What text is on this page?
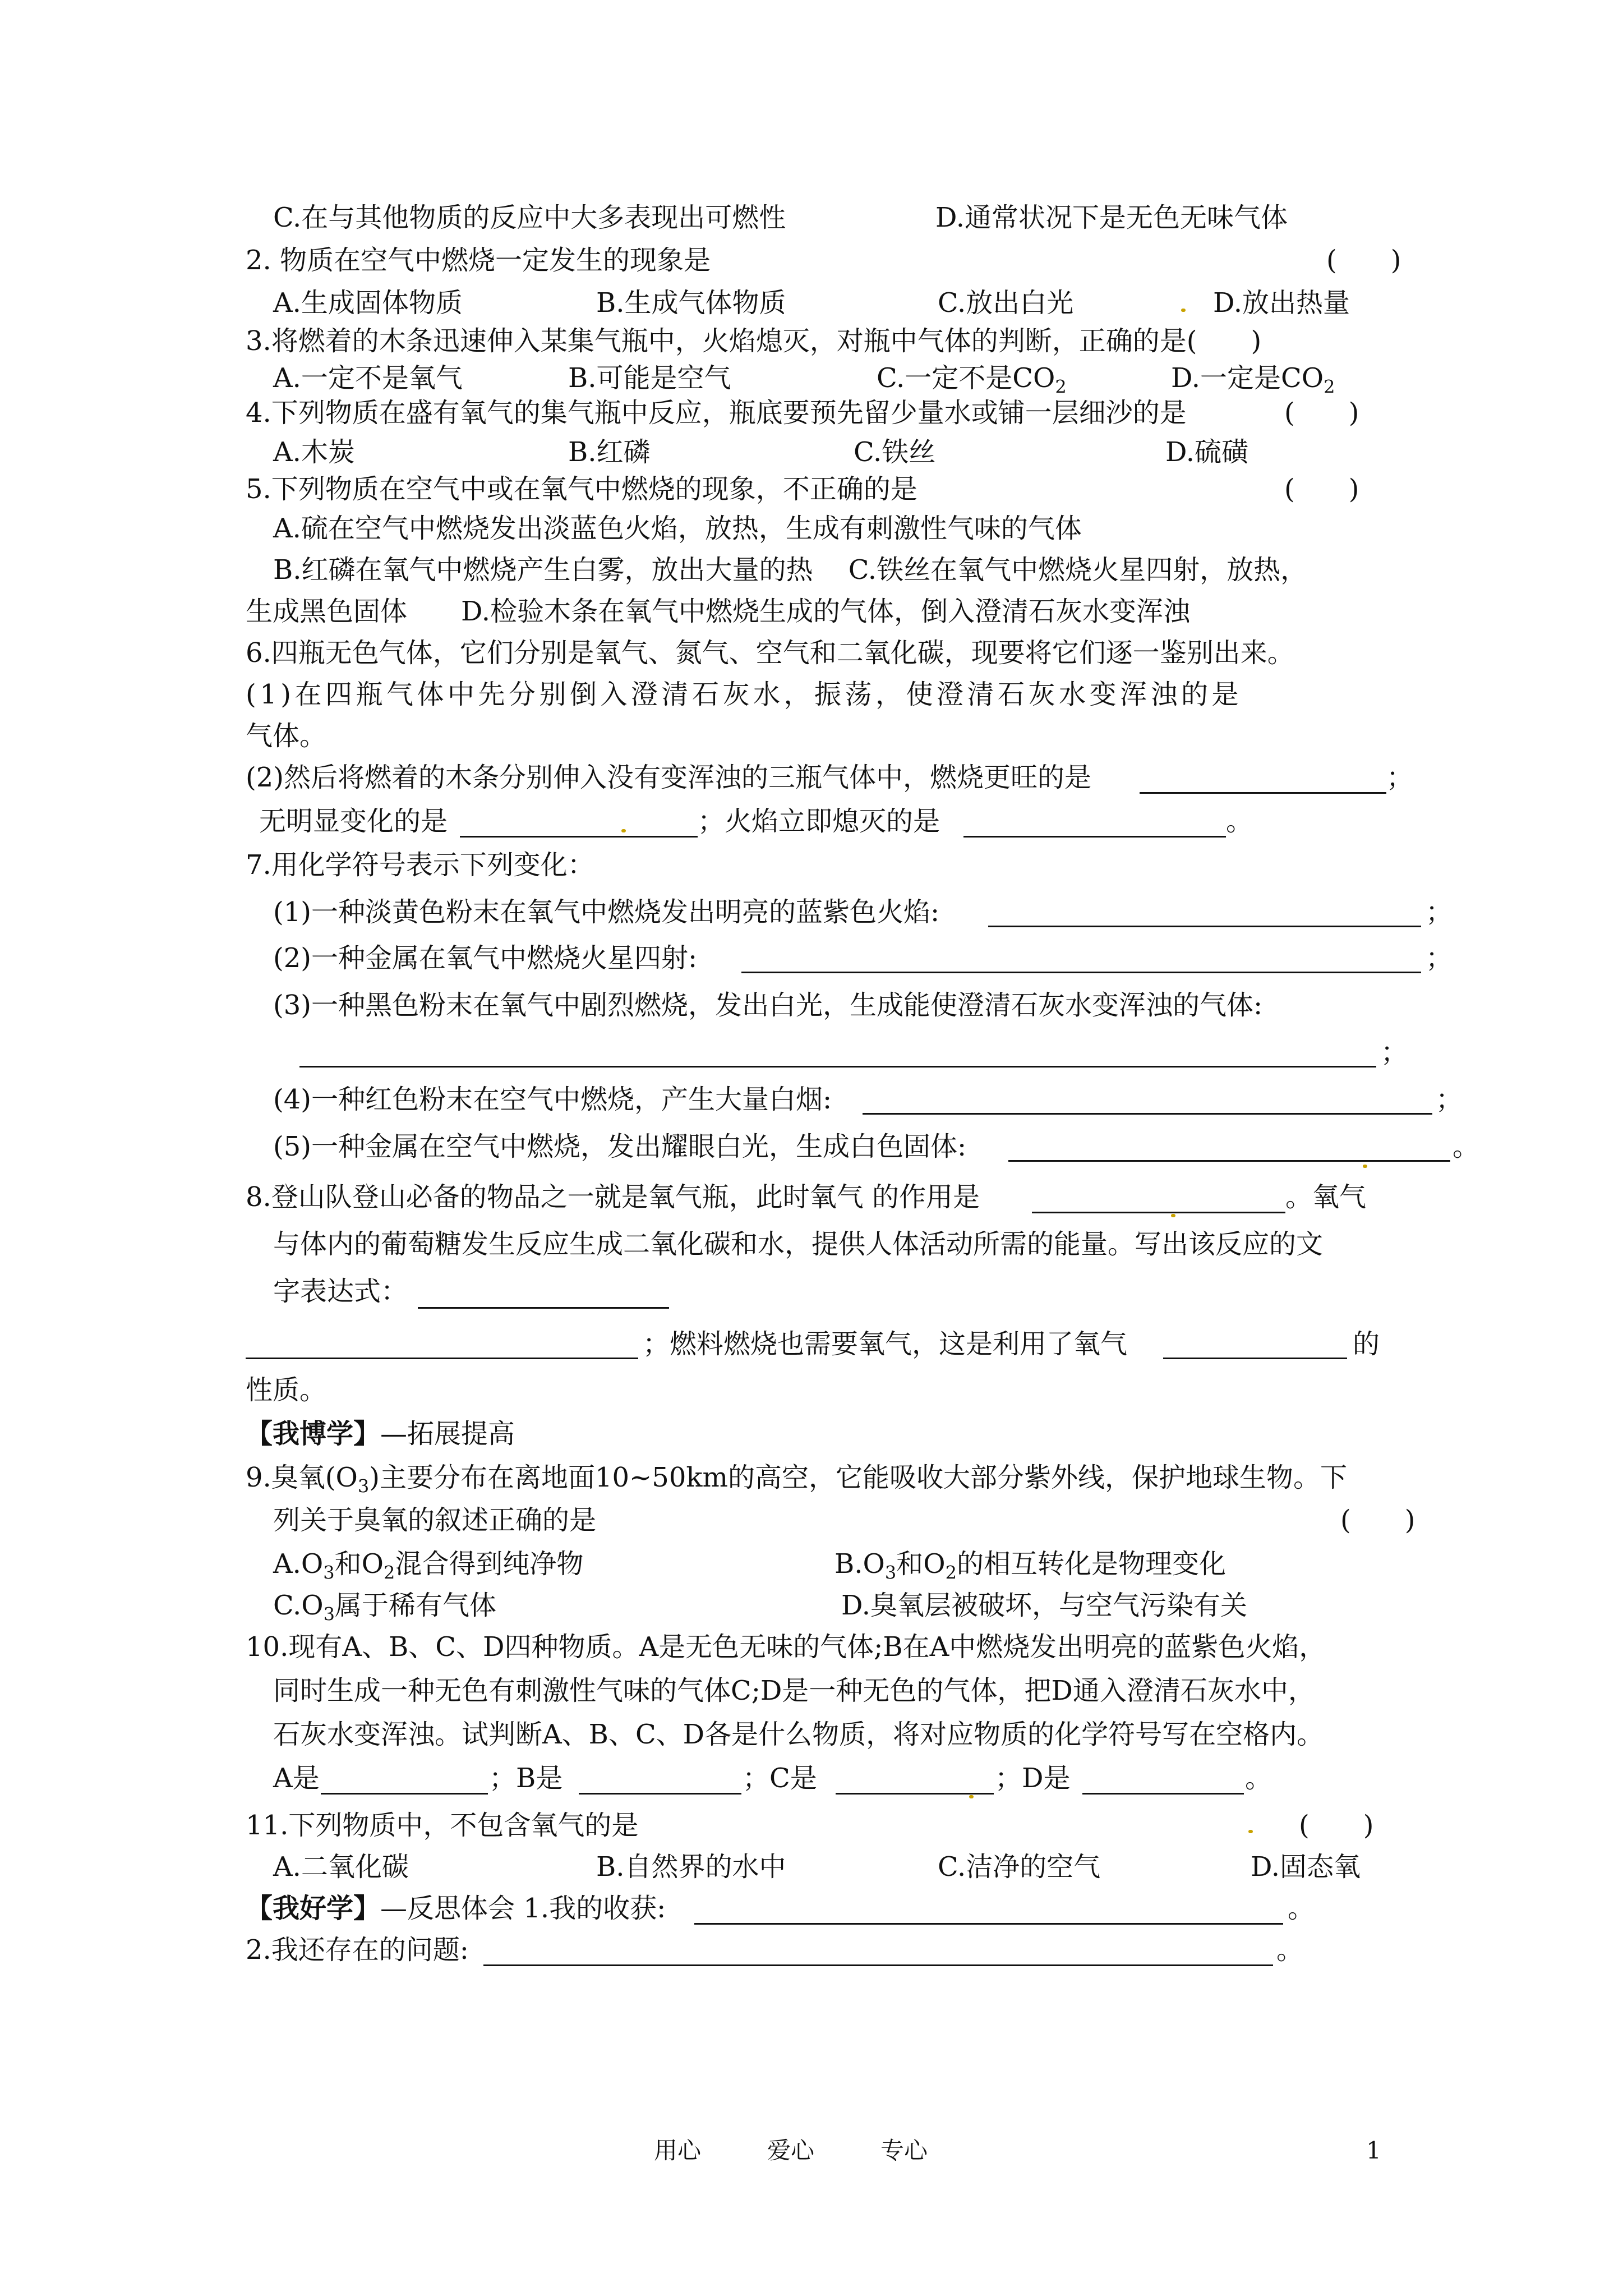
C.在与其他物质的反应中大多表现出可燃性	D.通常状况下是无色无味气体
2. 物质在空气中燃烧一定发生的现象是	(　　)
A.生成固体物质	B.生成气体物质	C.放出白光	D.放出热量
3.将燃着的木条迅速伸入某集气瓶中，火焰熄灭，对瓶中气体的判断，正确的是(　　)
A.一定不是氧气	B.可能是空气	C.一定不是$CO_2$	D.一定是$CO_2$
4.下列物质在盛有氧气的集气瓶中反应，瓶底要预先留少量水或铺一层细沙的是	(　　)
A.木炭	B.红磷	C.铁丝	D.硫磺
5.下列物质在空气中或在氧气中燃烧的现象，不正确的是	(　　)
A.硫在空气中燃烧发出淡蓝色火焰，放热，生成有刺激性气味的气体
B.红磷在氧气中燃烧产生白雾，放出大量的热　 C.铁丝在氧气中燃烧火星四射，放热，
生成黑色固体　　D.检验木条在氧气中燃烧生成的气体，倒入澄清石灰水变浑浊
6.四瓶无色气体，它们分别是氧气、氮气、空气和二氧化碳，现要将它们逐一鉴别出来。
(1)在四瓶气体中先分别倒入澄清石灰水，振荡，使澄清石灰水变浑浊的是
气体。
(2)然后将燃着的木条分别伸入没有变浑浊的三瓶气体中，燃烧更旺的是	；
无明显变化的是	；火焰立即熄灭的是	。
7.用化学符号表示下列变化：
(1)一种淡黄色粉末在氧气中燃烧发出明亮的蓝紫色火焰:	；
(2)一种金属在氧气中燃烧火星四射:	；
(3)一种黑色粉末在氧气中剧烈燃烧，发出白光，生成能使澄清石灰水变浑浊的气体:
；
(4)一种红色粉末在空气中燃烧，产生大量白烟:	；
(5)一种金属在空气中燃烧，发出耀眼白光，生成白色固体:	。
8.登山队登山必备的物品之一就是氧气瓶，此时氧气 的作用是	。氧气
与体内的葡萄糖发生反应生成二氧化碳和水，提供人体活动所需的能量。写出该反应的文
字表达式：
；燃料燃烧也需要氧气，这是利用了氧气	的
性质。
【我博学】—拓展提高
9.臭氧$(O_3)$主要分布在离地面10~50km的高空，它能吸收大部分紫外线，保护地球生物。下
列关于臭氧的叙述正确的是	(　　)
$A.O_3$和$O_2$混合得到纯净物	$B.O_3$和$O_2$的相互转化是物理变化
$C.O_3$属于稀有气体	D.臭氧层被破坏，与空气污染有关
10.现有A、B、C、D四种物质。A是无色无味的气体;B在A中燃烧发出明亮的蓝紫色火焰，
同时生成一种无色有刺激性气味的气体C;D是一种无色的气体，把D通入澄清石灰水中，
石灰水变浑浊。试判断A、B、C、D各是什么物质，将对应物质的化学符号写在空格内。
A是	；B是	；C是	；D是	。
11.下列物质中，不包含氧气的是	(　　)
A.二氧化碳	B.自然界的水中	C.洁净的空气	D.固态氧
【我好学】—反思体会 1.我的收获:	。
2.我还存在的问题:	。
用心	爱心	专心	1
